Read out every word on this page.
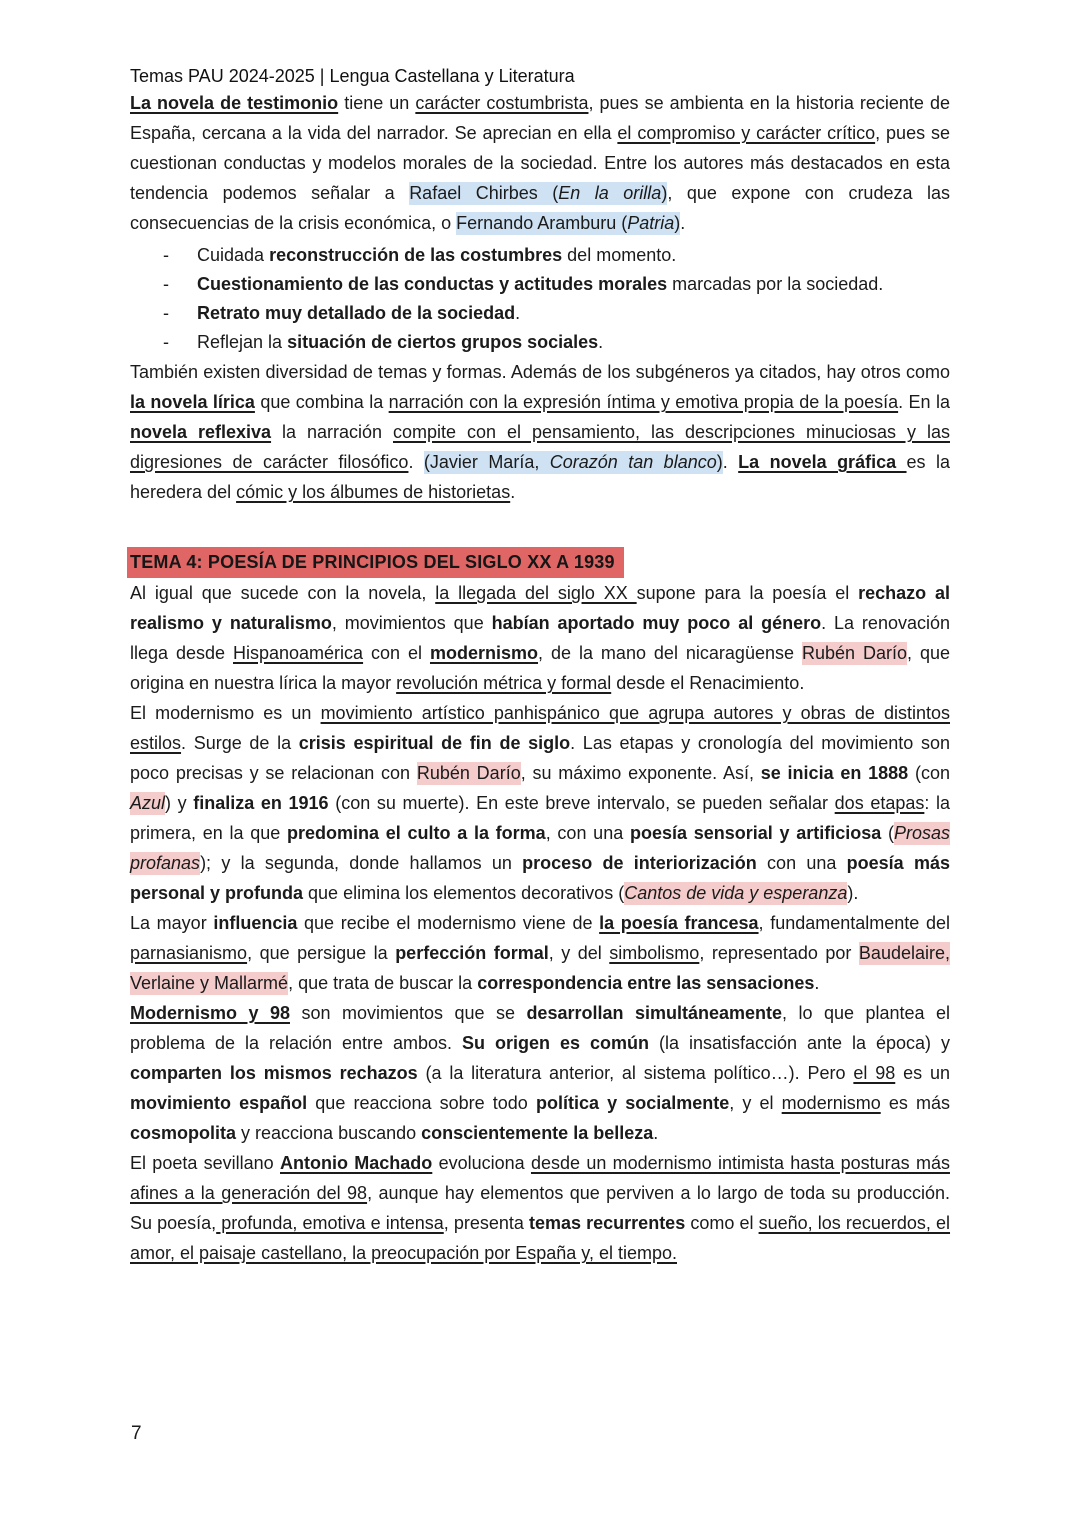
Temas PAU 2024-2025 | Lengua Castellana y Literatura

La novela de testimonio tiene un carácter costumbrista, pues se ambienta en la historia reciente de España, cercana a la vida del narrador. Se aprecian en ella el compromiso y carácter crítico, pues se cuestionan conductas y modelos morales de la sociedad. Entre los autores más destacados en esta tendencia podemos señalar a Rafael Chirbes (En la orilla), que expone con crudeza las consecuencias de la crisis económica, o Fernando Aramburu (Patria).

- Cuidada reconstrucción de las costumbres del momento.
- Cuestionamiento de las conductas y actitudes morales marcadas por la sociedad.
- Retrato muy detallado de la sociedad.
- Reflejan la situación de ciertos grupos sociales.

También existen diversidad de temas y formas. Además de los subgéneros ya citados, hay otros como la novela lírica que combina la narración con la expresión íntima y emotiva propia de la poesía. En la novela reflexiva la narración compite con el pensamiento, las descripciones minuciosas y las digresiones de carácter filosófico. (Javier María, Corazón tan blanco). La novela gráfica es la heredera del cómic y los álbumes de historietas.

TEMA 4: POESÍA DE PRINCIPIOS DEL SIGLO XX A 1939

Al igual que sucede con la novela, la llegada del siglo XX supone para la poesía el rechazo al realismo y naturalismo, movimientos que habían aportado muy poco al género. La renovación llega desde Hispanoamérica con el modernismo, de la mano del nicaragüense Rubén Darío, que origina en nuestra lírica la mayor revolución métrica y formal desde el Renacimiento.

El modernismo es un movimiento artístico panhispánico que agrupa autores y obras de distintos estilos. Surge de la crisis espiritual de fin de siglo. Las etapas y cronología del movimiento son poco precisas y se relacionan con Rubén Darío, su máximo exponente. Así, se inicia en 1888 (con Azul) y finaliza en 1916 (con su muerte). En este breve intervalo, se pueden señalar dos etapas: la primera, en la que predomina el culto a la forma, con una poesía sensorial y artificiosa (Prosas profanas); y la segunda, donde hallamos un proceso de interiorización con una poesía más personal y profunda que elimina los elementos decorativos (Cantos de vida y esperanza).

La mayor influencia que recibe el modernismo viene de la poesía francesa, fundamentalmente del parnasianismo, que persigue la perfección formal, y del simbolismo, representado por Baudelaire, Verlaine y Mallarmé, que trata de buscar la correspondencia entre las sensaciones.

Modernismo y 98 son movimientos que se desarrollan simultáneamente, lo que plantea el problema de la relación entre ambos. Su origen es común (la insatisfacción ante la época) y comparten los mismos rechazos (a la literatura anterior, al sistema político…). Pero el 98 es un movimiento español que reacciona sobre todo política y socialmente, y el modernismo es más cosmopolita y reacciona buscando conscientemente la belleza.

El poeta sevillano Antonio Machado evoluciona desde un modernismo intimista hasta posturas más afines a la generación del 98, aunque hay elementos que perviven a lo largo de toda su producción. Su poesía, profunda, emotiva e intensa, presenta temas recurrentes como el sueño, los recuerdos, el amor, el paisaje castellano, la preocupación por España y, el tiempo.

7
